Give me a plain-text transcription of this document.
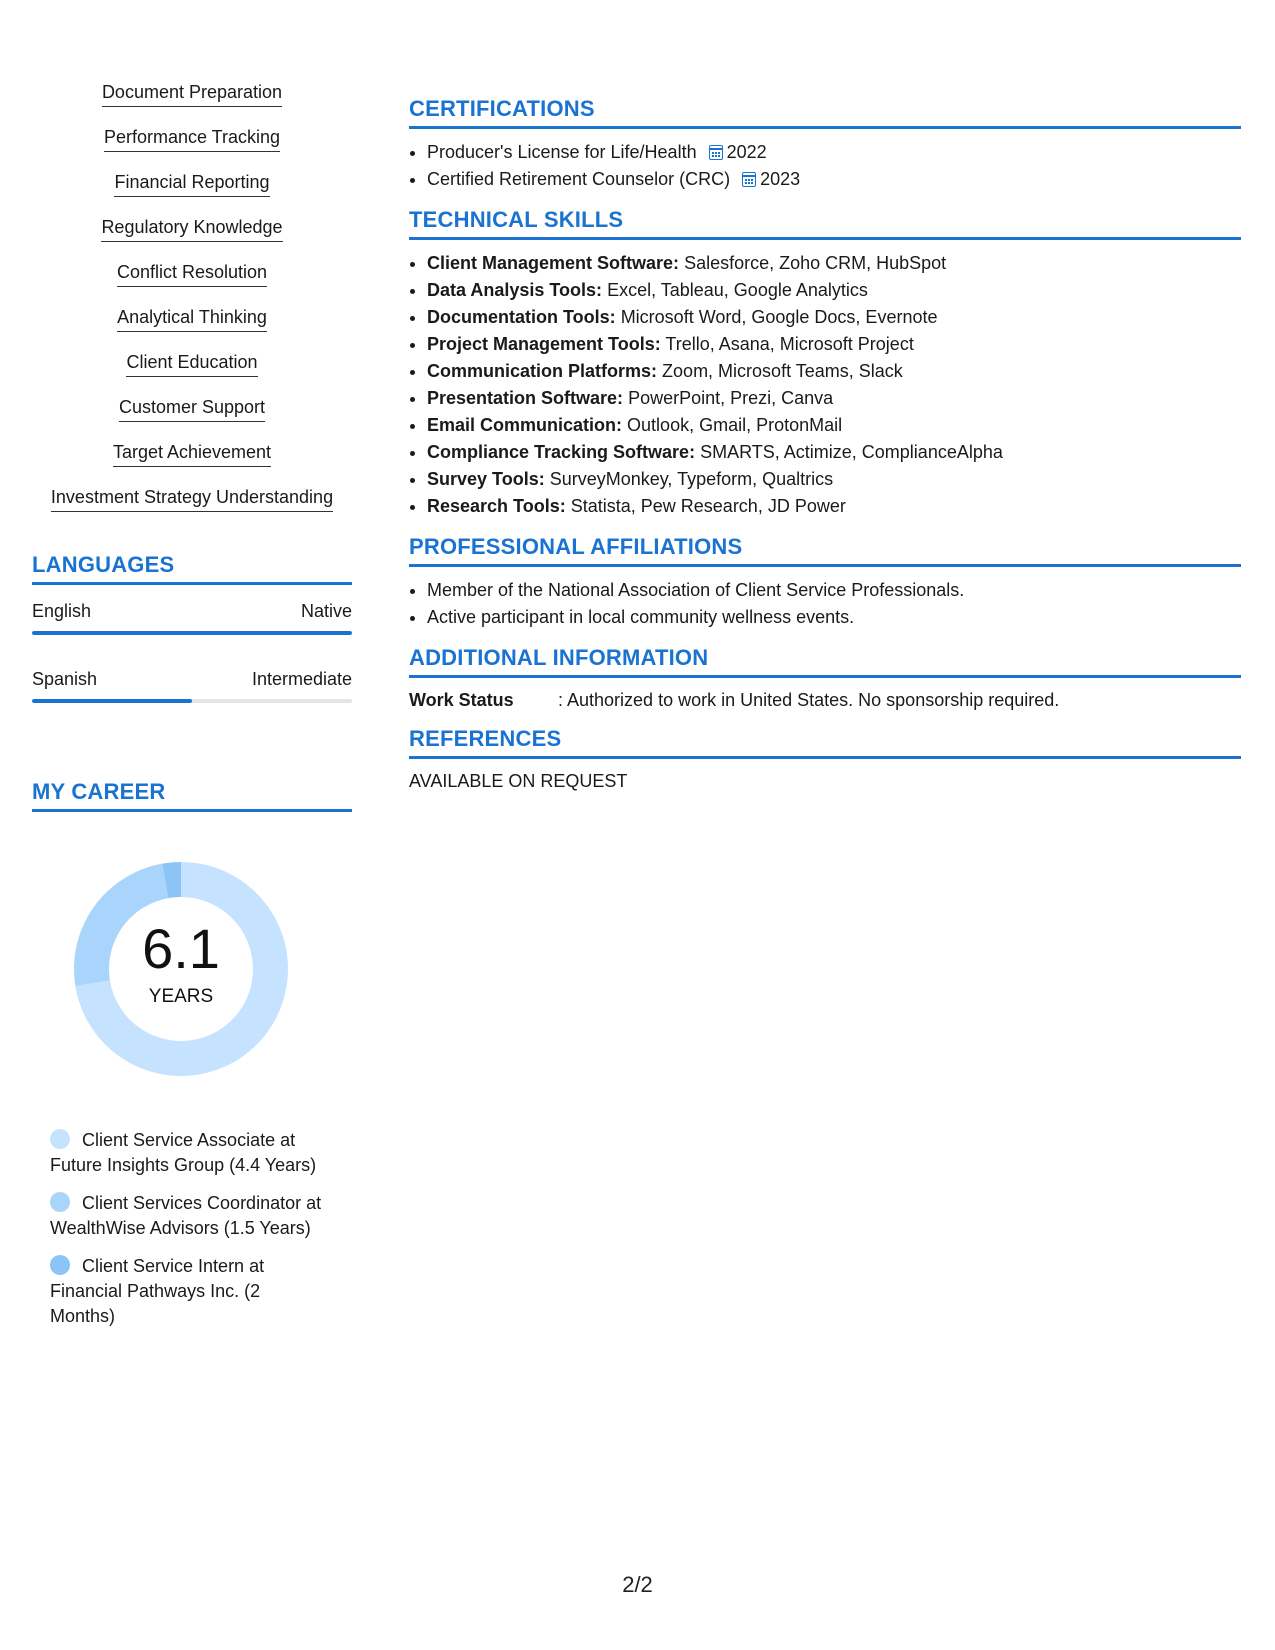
Document Preparation
Performance Tracking
Financial Reporting
Regulatory Knowledge
Conflict Resolution
Analytical Thinking
Client Education
Customer Support
Target Achievement
Investment Strategy Understanding
LANGUAGES
English	Native
Spanish	Intermediate
MY CAREER
6.1
YEARS
Client Service Associate at Future Insights Group (4.4 Years)
Client Services Coordinator at WealthWise Advisors (1.5 Years)
Client Service Intern at Financial Pathways Inc. (2 Months)
CERTIFICATIONS
• Producer's License for Life/Health 2022
• Certified Retirement Counselor (CRC) 2023
TECHNICAL SKILLS
• Client Management Software: Salesforce, Zoho CRM, HubSpot
• Data Analysis Tools: Excel, Tableau, Google Analytics
• Documentation Tools: Microsoft Word, Google Docs, Evernote
• Project Management Tools: Trello, Asana, Microsoft Project
• Communication Platforms: Zoom, Microsoft Teams, Slack
• Presentation Software: PowerPoint, Prezi, Canva
• Email Communication: Outlook, Gmail, ProtonMail
• Compliance Tracking Software: SMARTS, Actimize, ComplianceAlpha
• Survey Tools: SurveyMonkey, Typeform, Qualtrics
• Research Tools: Statista, Pew Research, JD Power
PROFESSIONAL AFFILIATIONS
• Member of the National Association of Client Service Professionals.
• Active participant in local community wellness events.
ADDITIONAL INFORMATION
Work Status	: Authorized to work in United States. No sponsorship required.
REFERENCES
AVAILABLE ON REQUEST
2/2
